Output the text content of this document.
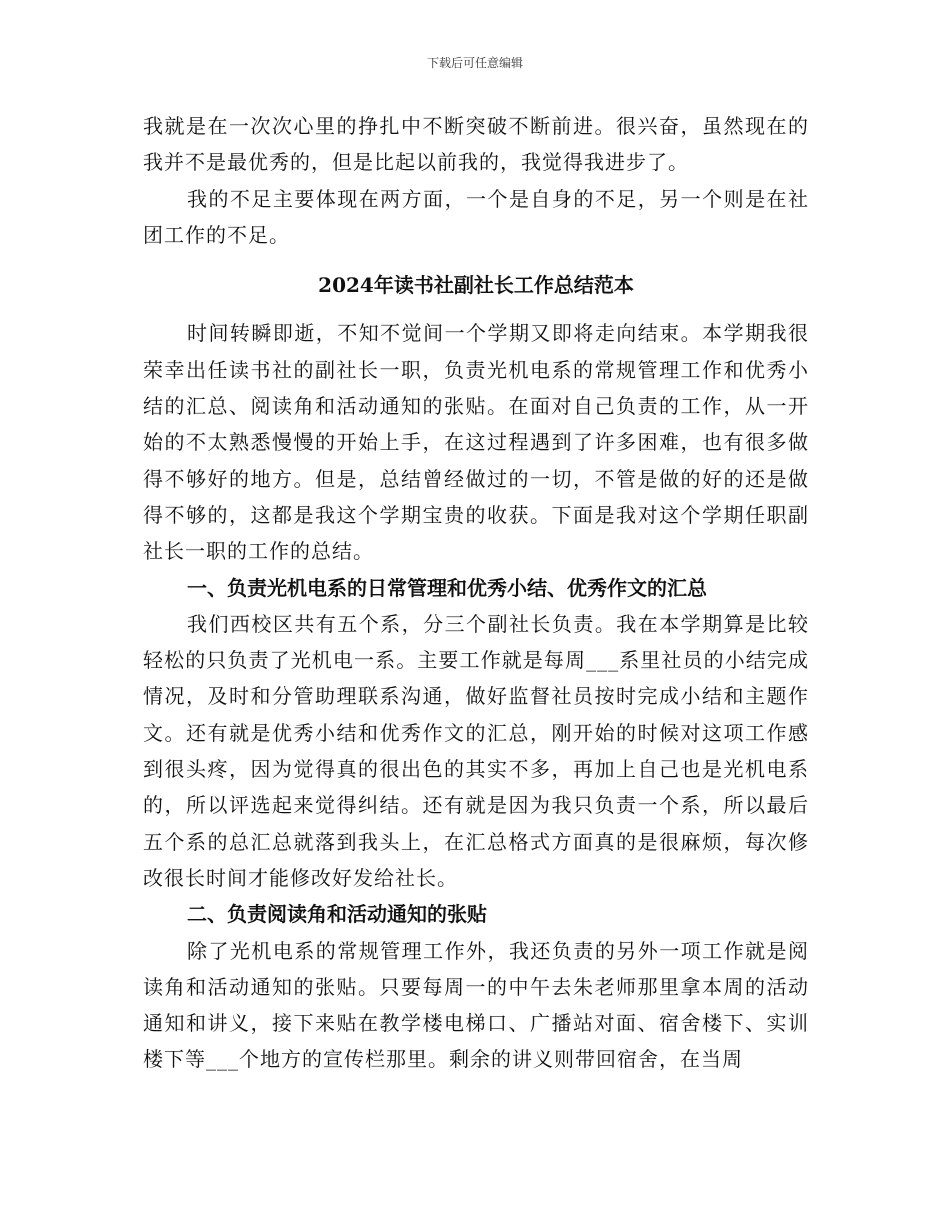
下载后可任意编辑

我就是在一次次心里的挣扎中不断突破不断前进。很兴奋，虽然现在的我并不是最优秀的，但是比起以前我的，我觉得我进步了。

我的不足主要体现在两方面，一个是自身的不足，另一个则是在社团工作的不足。

2024年读书社副社长工作总结范本

时间转瞬即逝，不知不觉间一个学期又即将走向结束。本学期我很荣幸出任读书社的副社长一职，负责光机电系的常规管理工作和优秀小结的汇总、阅读角和活动通知的张贴。在面对自己负责的工作，从一开始的不太熟悉慢慢的开始上手，在这过程遇到了许多困难，也有很多做得不够好的地方。但是，总结曾经做过的一切，不管是做的好的还是做得不够的，这都是我这个学期宝贵的收获。下面是我对这个学期任职副社长一职的工作的总结。

一、负责光机电系的日常管理和优秀小结、优秀作文的汇总

我们西校区共有五个系，分三个副社长负责。我在本学期算是比较轻松的只负责了光机电一系。主要工作就是每周___系里社员的小结完成情况，及时和分管助理联系沟通，做好监督社员按时完成小结和主题作文。还有就是优秀小结和优秀作文的汇总，刚开始的时候对这项工作感到很头疼，因为觉得真的很出色的其实不多，再加上自己也是光机电系的，所以评选起来觉得纠结。还有就是因为我只负责一个系，所以最后五个系的总汇总就落到我头上，在汇总格式方面真的是很麻烦，每次修改很长时间才能修改好发给社长。

二、负责阅读角和活动通知的张贴

除了光机电系的常规管理工作外，我还负责的另外一项工作就是阅读角和活动通知的张贴。只要每周一的中午去朱老师那里拿本周的活动通知和讲义，接下来贴在教学楼电梯口、广播站对面、宿舍楼下、实训楼下等___个地方的宣传栏那里。剩余的讲义则带回宿舍，在当周
